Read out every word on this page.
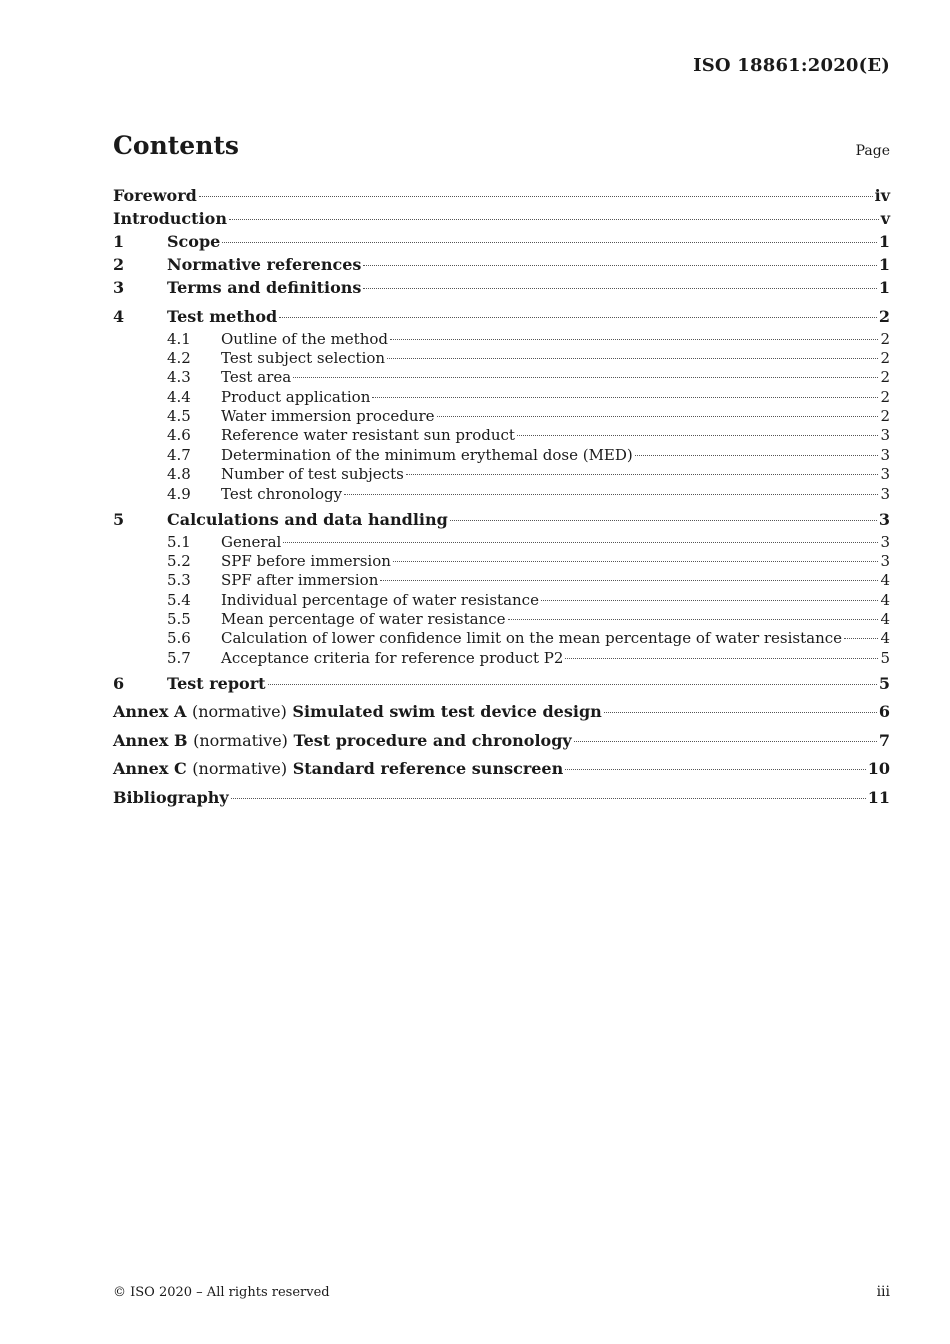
ISO 18861:2020(E)
Contents	Page
Foreword	iv
Introduction	v
1	Scope	1
2	Normative references	1
3	Terms and definitions	1
4	Test method	2
4.1	Outline of the method	2
4.2	Test subject selection	2
4.3	Test area	2
4.4	Product application	2
4.5	Water immersion procedure	2
4.6	Reference water resistant sun product	3
4.7	Determination of the minimum erythemal dose (MED)	3
4.8	Number of test subjects	3
4.9	Test chronology	3
5	Calculations and data handling	3
5.1	General	3
5.2	SPF before immersion	3
5.3	SPF after immersion	4
5.4	Individual percentage of water resistance	4
5.5	Mean percentage of water resistance	4
5.6	Calculation of lower confidence limit on the mean percentage of water resistance	4
5.7	Acceptance criteria for reference product P2	5
6	Test report	5
Annex A (normative) Simulated swim test device design	6
Annex B (normative) Test procedure and chronology	7
Annex C (normative) Standard reference sunscreen	10
Bibliography	11
© ISO 2020 – All rights reserved	iii
